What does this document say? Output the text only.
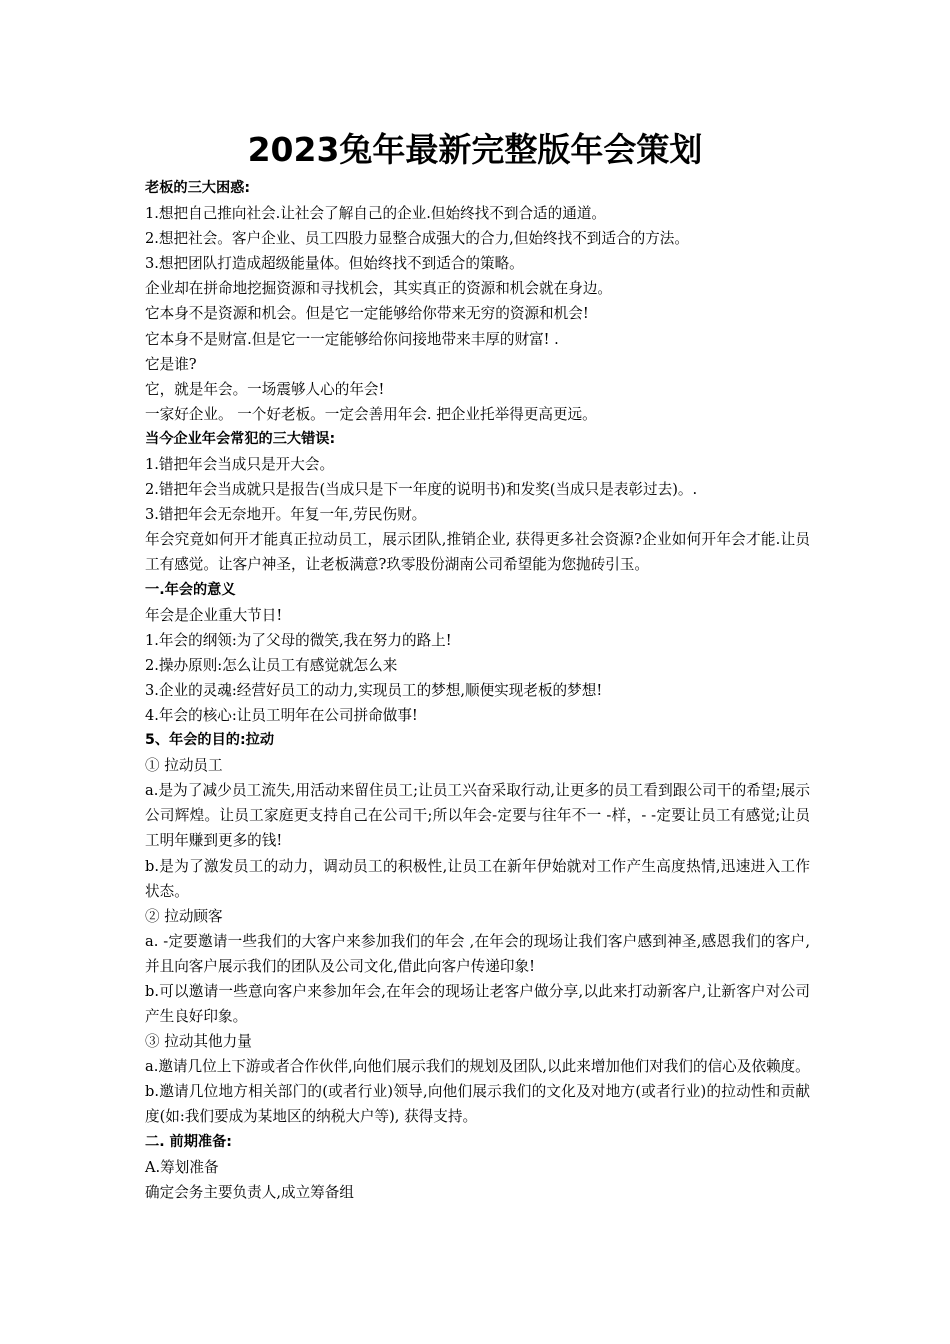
2023兔年最新完整版年会策划
老板的三大困惑:
1.想把自己推向社会.让社会了解自己的企业.但始终找不到合适的通道。
2.想把社会。客户企业、员工四股力显整合成强大的合力,但始终找不到适合的方法。
3.想把团队打造成超级能量体。但始终找不到适合的策略。
企业却在拼命地挖掘资源和寻找机会，其实真正的资源和机会就在身边。
它本身不是资源和机会。但是它一定能够给你带来无穷的资源和机会!
它本身不是财富.但是它一一定能够给你问接地带来丰厚的财富! .
它是谁?
它，就是年会。一场震够人心的年会!
一家好企业。 一个好老板。一定会善用年会. 把企业托举得更高更远。
当今企业年会常犯的三大错误:
1.错把年会当成只是开大会。
2.错把年会当成就只是报告(当成只是下一年度的说明书)和发奖(当成只是表彰过去)。.
3.错把年会无奈地开。年复一年,劳民伤财。
年会究竟如何开才能真正拉动员工，展示团队,推销企业, 获得更多社会资源?企业如何开年会才能.让员工有感觉。让客户神圣，让老板满意?玖零股份湖南公司希望能为您抛砖引玉。
一.年会的意义
年会是企业重大节日!
1.年会的纲领:为了父母的微笑,我在努力的路上!
2.操办原则:怎么让员工有感觉就怎么来
3.企业的灵魂:经营好员工的动力,实现员工的梦想,顺便实现老板的梦想!
4.年会的核心:让员工明年在公司拼命做事!
5、年会的目的:拉动
① 拉动员工
a.是为了减少员工流失,用活动来留住员工;让员工兴奋采取行动,让更多的员工看到跟公司干的希望;展示公司辉煌。让员工家庭更支持自己在公司干;所以年会-定要与往年不一 -样，- -定要让员工有感觉;让员工明年赚到更多的钱!
b.是为了激发员工的动力，调动员工的积极性,让员工在新年伊始就对工作产生高度热情,迅速进入工作状态。
② 拉动顾客
a. -定要邀请一些我们的大客户来参加我们的年会 ,在年会的现场让我们客户感到神圣,感恩我们的客户,并且向客户展示我们的团队及公司文化,借此向客户传递印象!
b.可以邀请一些意向客户来参加年会,在年会的现场让老客户做分享,以此来打动新客户,让新客户对公司产生良好印象。
③ 拉动其他力量
a.邀请几位上下游或者合作伙伴,向他们展示我们的规划及团队,以此来增加他们对我们的信心及依赖度。
b.邀请几位地方相关部门的(或者行业)领导,向他们展示我们的文化及对地方(或者行业)的拉动性和贡献度(如:我们要成为某地区的纳税大户等), 获得支持。
二. 前期准备:
A.筹划准备
确定会务主要负责人,成立筹备组
